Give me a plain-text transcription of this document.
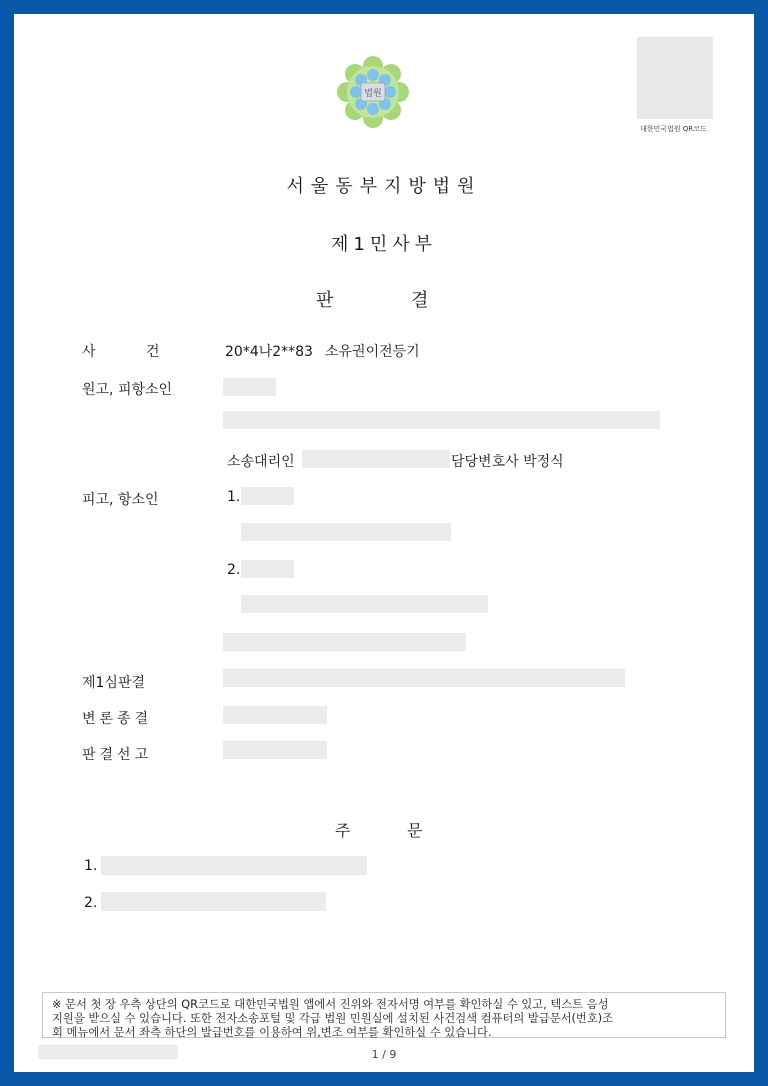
법원
대한민국법원 QR코드
서울동부지방법원
제1민사부
판	결
사	건	20*4나2**83 소유권이전등기
원고, 피항소인
소송대리인	담당변호사 박정식
피고, 항소인	1.
2.
제1심판결
변론종결
판결선고
주	문
1.
2.
※ 문서 첫 장 우측 상단의 QR코드로 대한민국법원 앱에서 진위와 전자서명 여부를 확인하실 수 있고, 텍스트 음성
지원을 받으실 수 있습니다. 또한 전자소송포털 및 각급 법원 민원실에 설치된 사건검색 컴퓨터의 발급문서(번호)조
회 메뉴에서 문서 좌측 하단의 발급번호를 이용하여 위,변조 여부를 확인하실 수 있습니다.
1 / 9
